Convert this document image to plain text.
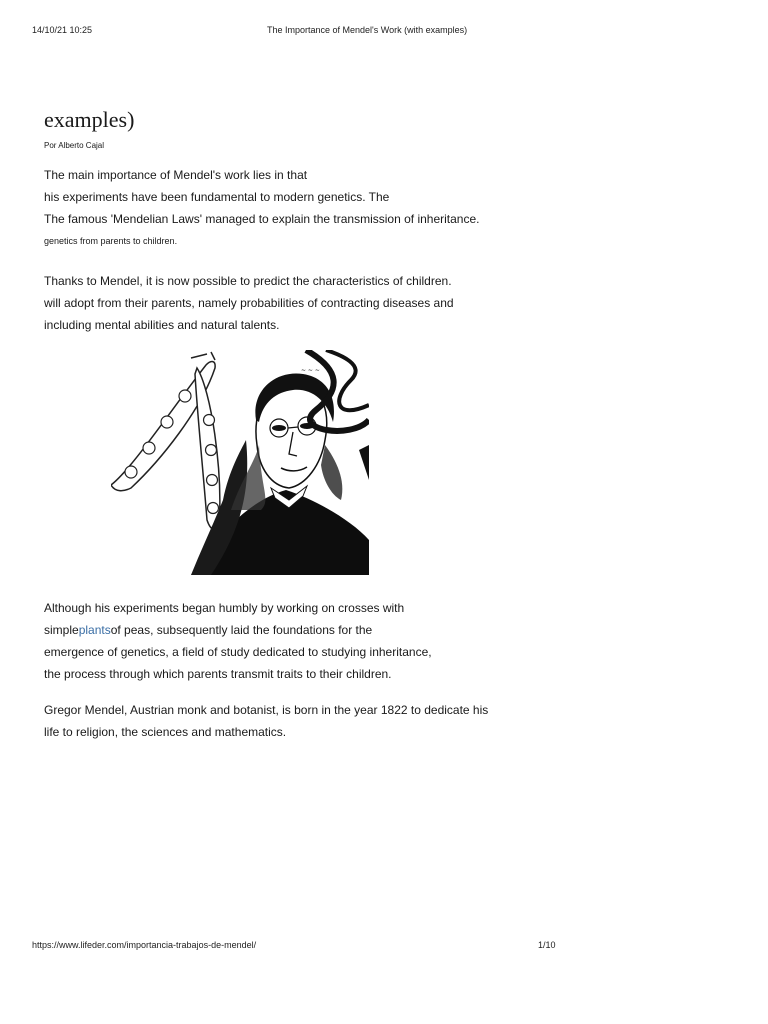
14/10/21 10:25	The Importance of Mendel's Work (with examples)
examples)

Por Alberto Cajal

The main importance of Mendel's work lies in that
his experiments have been fundamental to modern genetics. The
The famous 'Mendelian Laws' managed to explain the transmission of inheritance.
genetics from parents to children.

Thanks to Mendel, it is now possible to predict the characteristics of children.
will adopt from their parents, namely probabilities of contracting diseases and
including mental abilities and natural talents.

~ ~ ~

Although his experiments began humbly by working on crosses with
simpleplantsof peas, subsequently laid the foundations for the
emergence of genetics, a field of study dedicated to studying inheritance,
the process through which parents transmit traits to their children.

Gregor Mendel, Austrian monk and botanist, is born in the year 1822 to dedicate his
life to religion, the sciences and mathematics.

https://www.lifeder.com/importancia-trabajos-de-mendel/	1/10
